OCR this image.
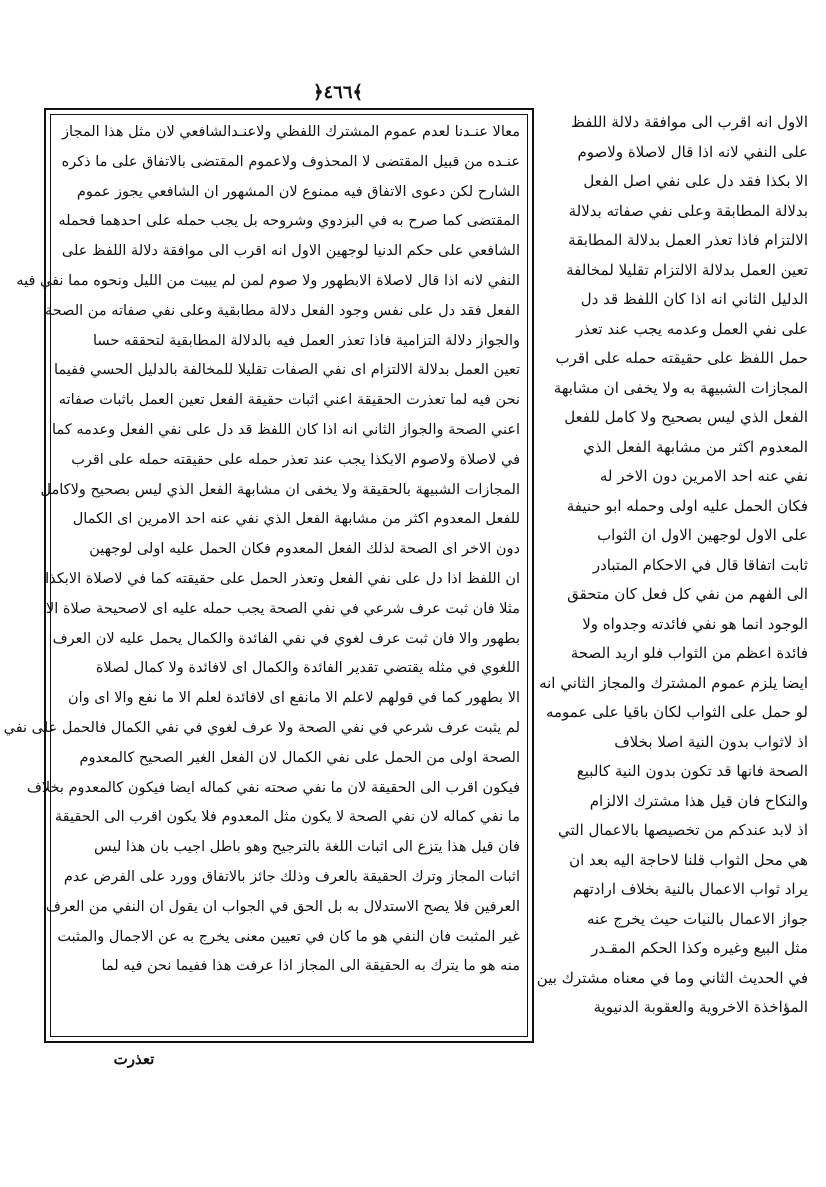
﴿٤٦٦﴾
معالا عنـدنا لعدم عموم المشترك اللفظي ولاعنـدالشافعي لان مثل هذا المجاز
عنـده من قبيل المقتضى لا المحذوف ولاعموم المقتضى بالاتفاق على ما ذكره
الشارح لكن دعوى الاتفاق فيه ممنوع لان المشهور ان الشافعي يجوز عموم
المقتضى كما صرح به في البزدوي وشروحه بل يجب حمله على احدهما فحمله
الشافعي على حكم الدنيا لوجهين الاول انه اقرب الى موافقة دلالة اللفظ على
النفي لانه اذا قال لاصلاة الابطهور ولا صوم لمن لم يبيت من الليل ونحوه مما نفي فيه
الفعل فقد دل على نفس وجود الفعل دلالة مطابقية وعلى نفي صفاته من الصحة
والجواز دلالة التزامية فاذا تعذر العمل فيه بالدلالة المطابقية لتحققه حسا
تعين العمل بدلالة الالتزام اى نفي الصفات تقليلا للمخالفة بالدليل الحسي ففيما
نحن فيه لما تعذرت الحقيقة اعني اثبات حقيقة الفعل تعين العمل باثبات صفاته
اعني الصحة والجواز الثاني انه اذا كان اللفظ قد دل على نفي الفعل وعدمه كما
في لاصلاة ولاصوم الابكذا يجب عند تعذر حمله على حقيقته حمله على اقرب
المجازات الشبيهة بالحقيقة ولا يخفى ان مشابهة الفعل الذي ليس بصحيح ولاكامل
للفعل المعدوم اكثر من مشابهة الفعل الذي نفي عنه احد الامرين اى الكمال
دون الاخر اى الصحة لذلك الفعل المعدوم فكان الحمل عليه اولى لوجهين
ان اللفظ اذا دل على نفي الفعل وتعذر الحمل على حقيقته كما في لاصلاة الابكذا
مثلا فان ثبت عرف شرعي في نفي الصحة يجب حمله عليه اى لاصحيحة صلاة الا
بطهور والا فان ثبت عرف لغوي في نفي الفائدة والكمال يحمل عليه لان العرف
اللغوي في مثله يقتضي تقدير الفائدة والكمال اى لافائدة ولا كمال لصلاة
الا بطهور كما في قولهم لاعلم الا مانفع اى لافائدة لعلم الا ما نفع والا اى وان
لم يثبت عرف شرعي في نفي الصحة ولا عرف لغوي في نفي الكمال فالحمل على نفي
الصحة اولى من الحمل على نفي الكمال لان الفعل الغير الصحيح كالمعدوم
فيكون اقرب الى الحقيقة لان ما نفي صحته نفي كماله ايضا فيكون كالمعدوم بخلاف
ما نفي كماله لان نفي الصحة لا يكون مثل المعدوم فلا يكون اقرب الى الحقيقة
فان قيل هذا يتزع الى اثبات اللغة بالترجيح وهو باطل اجيب بان هذا ليس
اثبات المجاز وترك الحقيقة بالعرف وذلك جائز بالاتفاق وورد على الفرض عدم
العرفين فلا يصح الاستدلال به بل الحق في الجواب ان يقول ان النفي من العرف
غير المثبت فان النفي هو ما كان في تعيين معنى يخرج به عن الاجمال والمثبت
منه هو ما يترك به الحقيقة الى المجاز اذا عرفت هذا ففيما نحن فيه لما
الاول انه اقرب الى موافقة دلالة اللفظ
على النفي لانه اذا قال لاصلاة ولاصوم
الا بكذا فقد دل على نفي اصل الفعل
بدلالة المطابقة وعلى نفي صفاته بدلالة
الالتزام فاذا تعذر العمل بدلالة المطابقة
تعين العمل بدلالة الالتزام تقليلا لمخالفة
الدليل الثاني انه اذا كان اللفظ قد دل
على نفي العمل وعدمه يجب عند تعذر
حمل اللفظ على حقيقته حمله على اقرب
المجازات الشبيهة به ولا يخفى ان مشابهة
الفعل الذي ليس بصحيح ولا كامل للفعل
المعدوم اكثر من مشابهة الفعل الذي
نفي عنه احد الامرين دون الاخر له
فكان الحمل عليه اولى وحمله ابو حنيفة
على الاول لوجهين الاول ان الثواب
ثابت اتفاقا قال في الاحكام المتبادر
الى الفهم من نفي كل فعل كان متحقق
الوجود انما هو نفي فائدته وجدواه ولا
فائدة اعظم من الثواب فلو اريد الصحة
ايضا يلزم عموم المشترك والمجاز الثاني انه
لو حمل على الثواب لكان باقيا على عمومه
اذ لاثواب بدون النية اصلا بخلاف
الصحة فانها قد تكون بدون النية كالبيع
والنكاح فان قيل هذا مشترك الالزام
اذ لابد عندكم من تخصيصها بالاعمال التي
هي محل الثواب قلنا لاحاجة اليه بعد ان
يراد ثواب الاعمال بالنية بخلاف ارادتهم
جواز الاعمال بالنيات حيث يخرج عنه
مثل البيع وغيره وكذا الحكم المقـدر
في الحديث الثاني وما في معناه مشترك بين
المؤاخذة الاخروية والعقوبة الدنيوية
تعذرت
